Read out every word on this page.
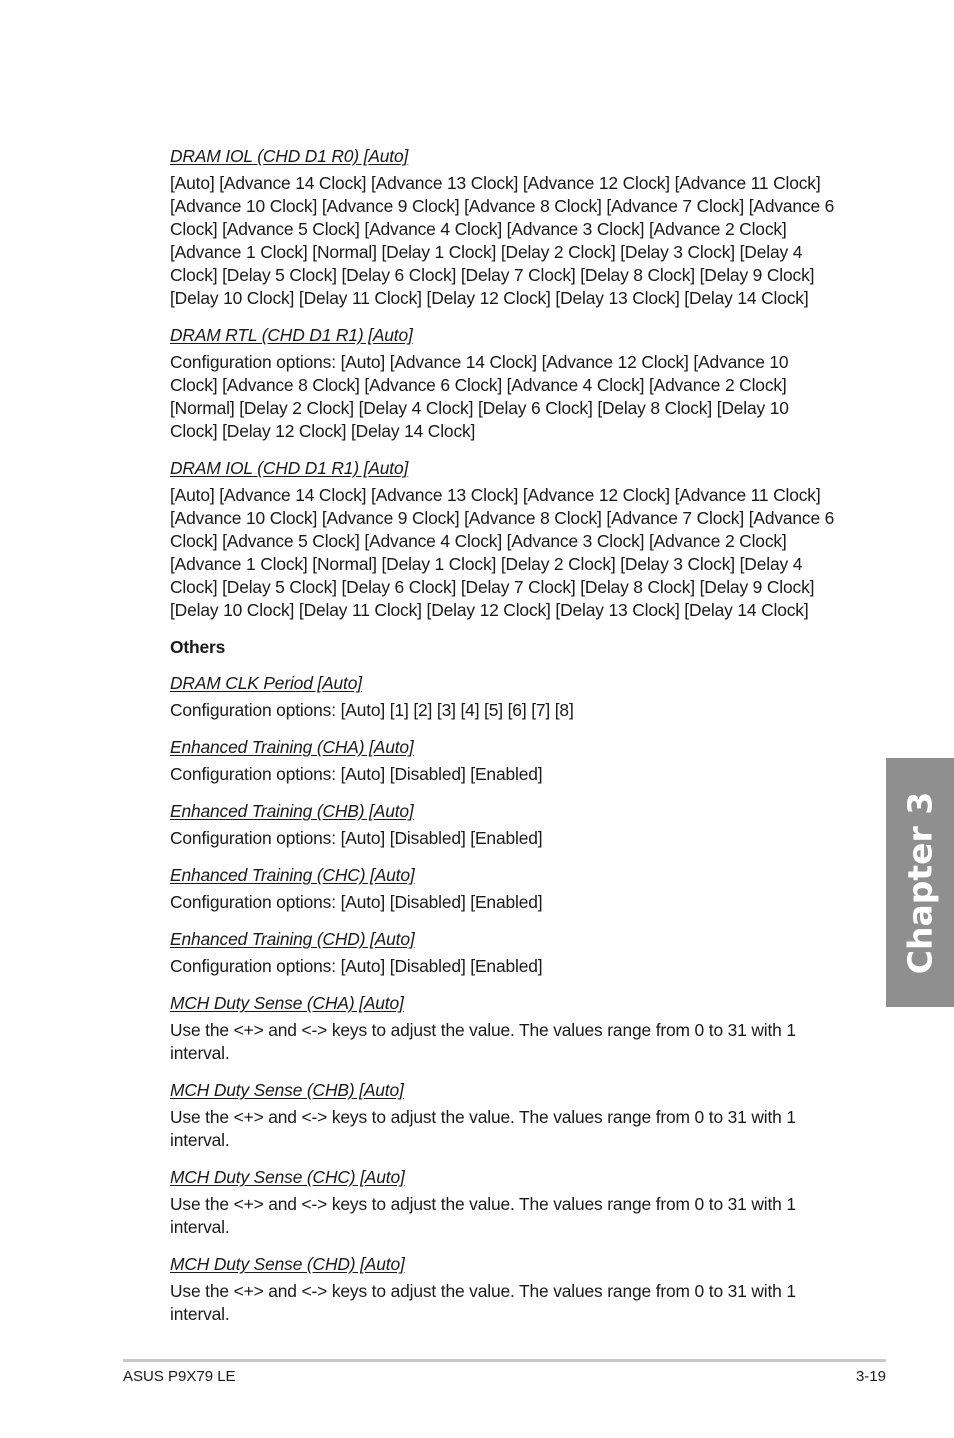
DRAM IOL (CHD D1 R0) [Auto]

[Auto] [Advance 14 Clock] [Advance 13 Clock] [Advance 12 Clock] [Advance 11 Clock] [Advance 10 Clock] [Advance 9 Clock] [Advance 8 Clock] [Advance 7 Clock] [Advance 6 Clock] [Advance 5 Clock] [Advance 4 Clock] [Advance 3 Clock] [Advance 2 Clock] [Advance 1 Clock] [Normal] [Delay 1 Clock] [Delay 2 Clock] [Delay 3 Clock] [Delay 4 Clock] [Delay 5 Clock] [Delay 6 Clock] [Delay 7 Clock] [Delay 8 Clock] [Delay 9 Clock] [Delay 10 Clock] [Delay 11 Clock] [Delay 12 Clock] [Delay 13 Clock] [Delay 14 Clock]

DRAM RTL (CHD D1 R1) [Auto]

Configuration options: [Auto] [Advance 14 Clock] [Advance 12 Clock] [Advance 10 Clock] [Advance 8 Clock] [Advance 6 Clock] [Advance 4 Clock] [Advance 2 Clock] [Normal] [Delay 2 Clock] [Delay 4 Clock] [Delay 6 Clock] [Delay 8 Clock] [Delay 10 Clock] [Delay 12 Clock] [Delay 14 Clock]

DRAM IOL (CHD D1 R1) [Auto]

[Auto] [Advance 14 Clock] [Advance 13 Clock] [Advance 12 Clock] [Advance 11 Clock] [Advance 10 Clock] [Advance 9 Clock] [Advance 8 Clock] [Advance 7 Clock] [Advance 6 Clock] [Advance 5 Clock] [Advance 4 Clock] [Advance 3 Clock] [Advance 2 Clock] [Advance 1 Clock] [Normal] [Delay 1 Clock] [Delay 2 Clock] [Delay 3 Clock] [Delay 4 Clock] [Delay 5 Clock] [Delay 6 Clock] [Delay 7 Clock] [Delay 8 Clock] [Delay 9 Clock] [Delay 10 Clock] [Delay 11 Clock] [Delay 12 Clock] [Delay 13 Clock] [Delay 14 Clock]

Others

DRAM CLK Period [Auto]

Configuration options: [Auto] [1] [2] [3] [4] [5] [6] [7] [8]

Enhanced Training (CHA) [Auto]

Configuration options: [Auto] [Disabled] [Enabled]

Enhanced Training (CHB) [Auto]

Configuration options: [Auto] [Disabled] [Enabled]

Enhanced Training (CHC) [Auto]

Configuration options: [Auto] [Disabled] [Enabled]

Enhanced Training (CHD) [Auto]

Configuration options: [Auto] [Disabled] [Enabled]

MCH Duty Sense (CHA) [Auto]

Use the <+> and <-> keys to adjust the value. The values range from 0 to 31 with 1 interval.

MCH Duty Sense (CHB) [Auto]

Use the <+> and <-> keys to adjust the value. The values range from 0 to 31 with 1 interval.

MCH Duty Sense (CHC) [Auto]

Use the <+> and <-> keys to adjust the value. The values range from 0 to 31 with 1 interval.

MCH Duty Sense (CHD) [Auto]

Use the <+> and <-> keys to adjust the value. The values range from 0 to 31 with 1 interval.

Chapter 3
ASUS P9X79 LE	3-19
